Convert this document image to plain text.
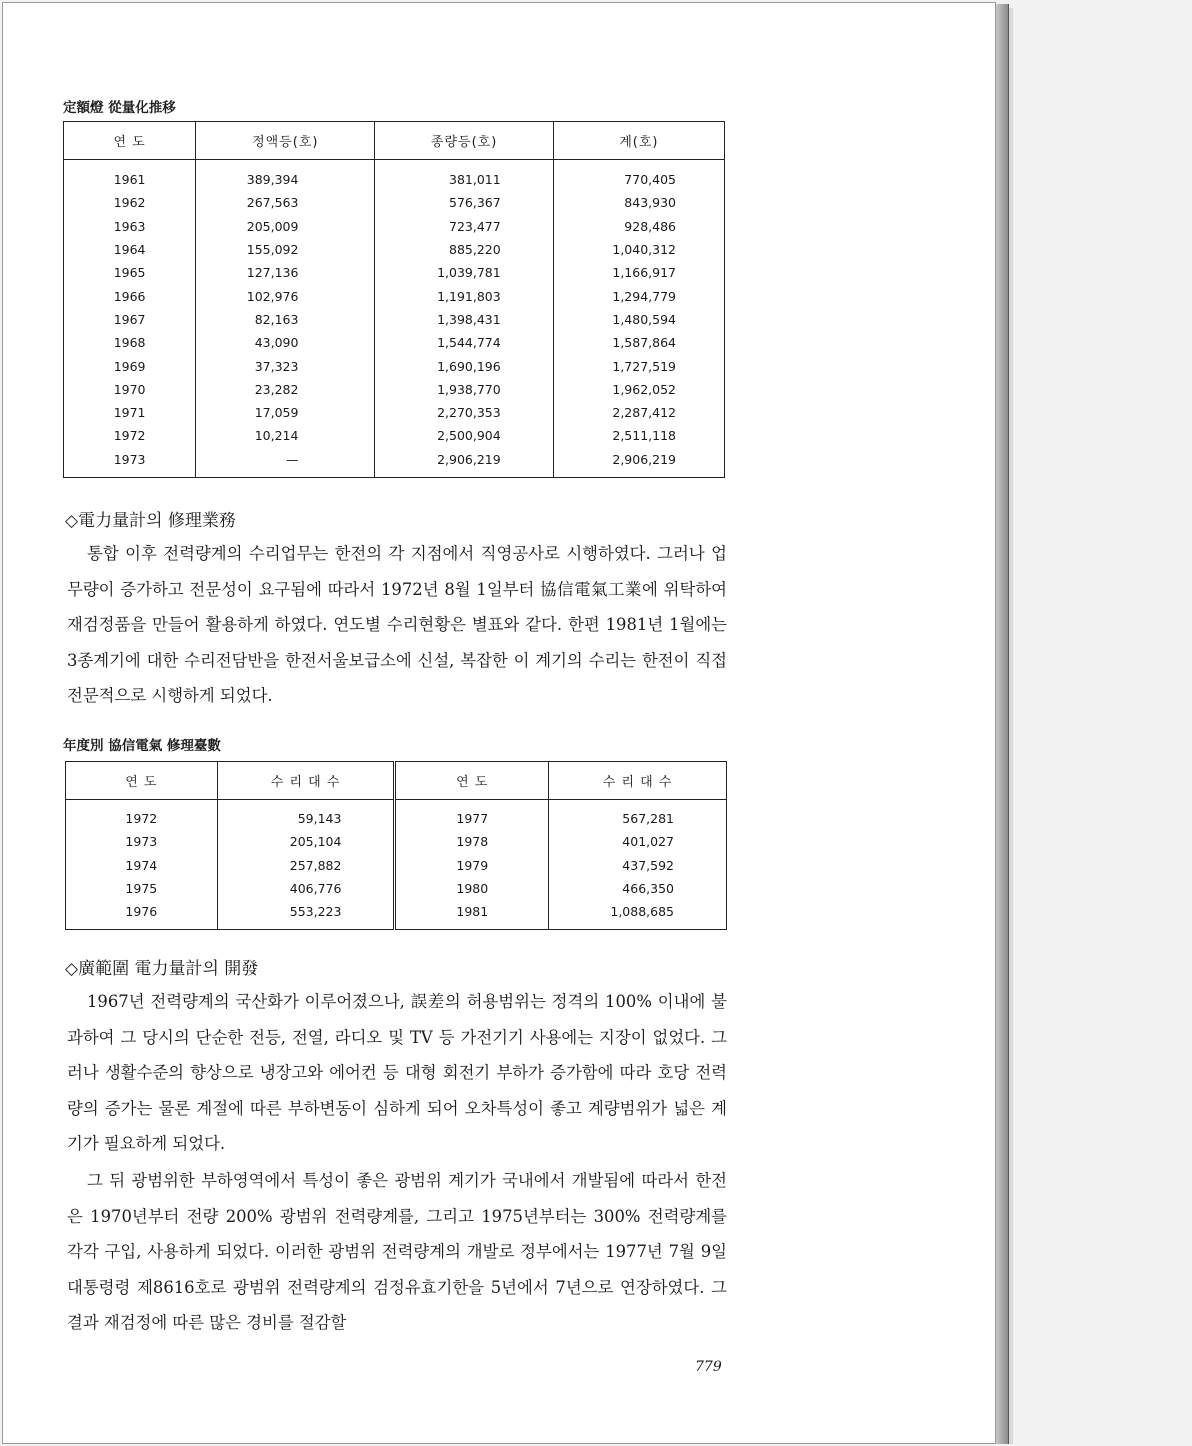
定額燈 從量化推移
연 도	정액등(호)	종량등(호)	계(호)
1961	389,394	381,011	770,405
1962	267,563	576,367	843,930
1963	205,009	723,477	928,486
1964	155,092	885,220	1,040,312
1965	127,136	1,039,781	1,166,917
1966	102,976	1,191,803	1,294,779
1967	82,163	1,398,431	1,480,594
1968	43,090	1,544,774	1,587,864
1969	37,323	1,690,196	1,727,519
1970	23,282	1,938,770	1,962,052
1971	17,059	2,270,353	2,287,412
1972	10,214	2,500,904	2,511,118
1973	—	2,906,219	2,906,219
◇電力量計의 修理業務

통합 이후 전력량계의 수리업무는 한전의 각 지점에서 직영공사로 시행하였다. 그러나 업무량이 증가하고 전문성이 요구됨에 따라서 1972년 8월 1일부터 協信電氣工業에 위탁하여 재검정품을 만들어 활용하게 하였다. 연도별 수리현황은 별표와 같다. 한편 1981년 1월에는 3종계기에 대한 수리전담반을 한전서울보급소에 신설, 복잡한 이 계기의 수리는 한전이 직접 전문적으로 시행하게 되었다.

年度別 協信電氣 修理臺數
연 도	수 리 대 수	연 도	수 리 대 수
1972	59,143	1977	567,281
1973	205,104	1978	401,027
1974	257,882	1979	437,592
1975	406,776	1980	466,350
1976	553,223	1981	1,088,685
◇廣範圍 電力量計의 開發

1967년 전력량계의 국산화가 이루어졌으나, 誤差의 허용범위는 정격의 100% 이내에 불과하여 그 당시의 단순한 전등, 전열, 라디오 및 TV 등 가전기기 사용에는 지장이 없었다. 그러나 생활수준의 향상으로 냉장고와 에어컨 등 대형 회전기 부하가 증가함에 따라 호당 전력량의 증가는 물론 계절에 따른 부하변동이 심하게 되어 오차특성이 좋고 계량범위가 넓은 계기가 필요하게 되었다.

그 뒤 광범위한 부하영역에서 특성이 좋은 광범위 계기가 국내에서 개발됨에 따라서 한전은 1970년부터 전량 200% 광범위 전력량계를, 그리고 1975년부터는 300% 전력량계를 각각 구입, 사용하게 되었다. 이러한 광범위 전력량계의 개발로 정부에서는 1977년 7월 9일 대통령령 제8616호로 광범위 전력량계의 검정유효기한을 5년에서 7년으로 연장하였다. 그 결과 재검정에 따른 많은 경비를 절감할

779
